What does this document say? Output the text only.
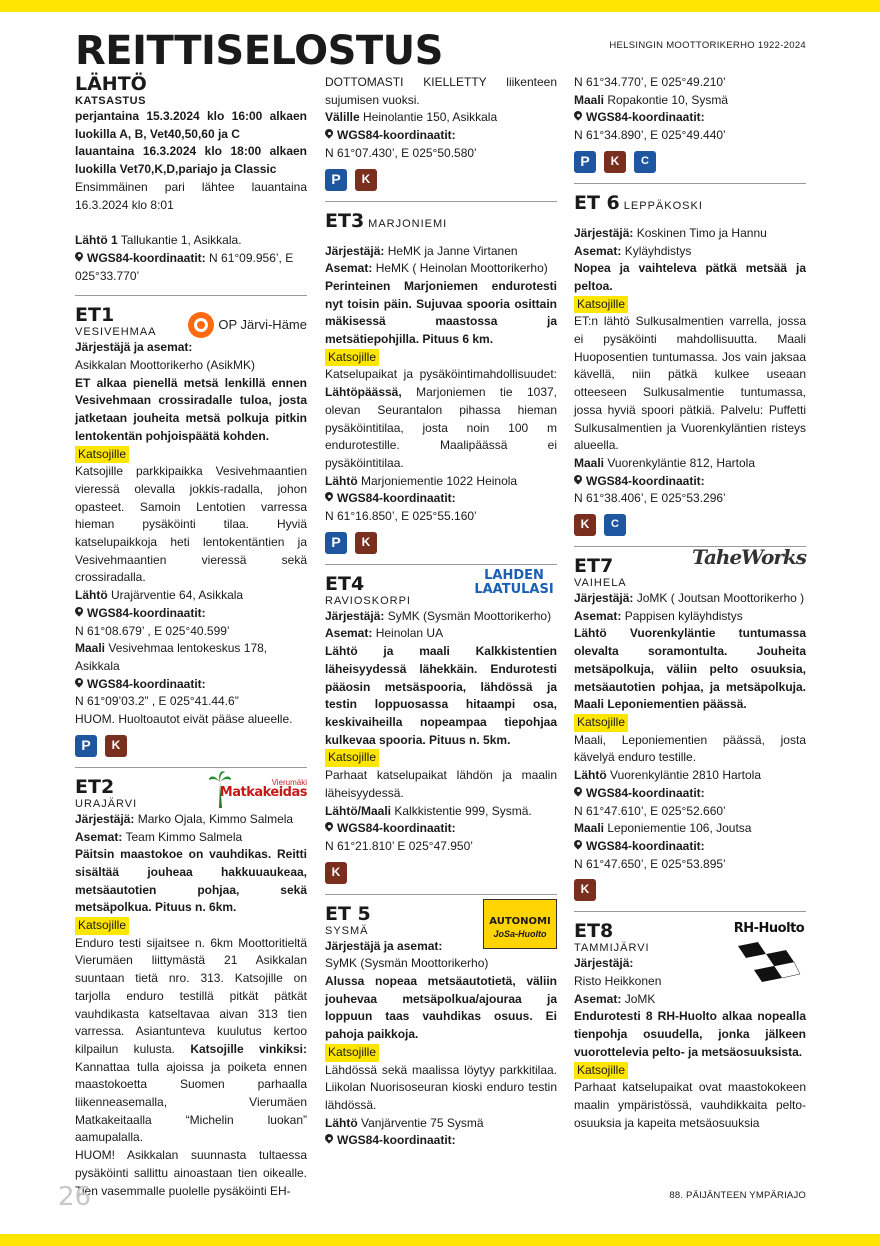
REITTISELOSTUS	HELSINGIN MOOTTORIKERHO 1922-2024
LÄHTÖ
KATSASTUS

perjantaina 15.3.2024 klo 16:00 alkaen luokilla A, B, Vet40,50,60 ja C

lauantaina 16.3.2024 klo 18:00 alkaen luokilla Vet70,K,D,pariajo ja Classic

Ensimmäinen pari lähtee lauantaina 16.3.2024 klo 8:01

Lähtö 1 Tallukantie 1, Asikkala.

WGS84-koordinaatit: N 61°09.956’, E 025°33.770’

ET1
VESIVEHMAA	OP Järvi-Häme

Järjestäjä ja asemat:

Asikkalan Moottorikerho (AsikMK)

ET alkaa pienellä metsä lenkillä ennen Vesivehmaan crossiradalle tuloa, josta jatketaan jouheita metsä polkuja pitkin lentokentän pohjoispäätä kohden.

Katsojille

Katsojille parkkipaikka Vesivehmaantien vieressä olevalla jokkis-radalla, johon opasteet. Samoin Lentotien varressa hieman pysäköinti tilaa. Hyviä katselupaikkoja heti lentokentäntien ja Vesivehmaantien vieressä sekä crossiradalla.

Lähtö Urajärventie 64, Asikkala

WGS84-koordinaatit:

N 61°08.679’ , E 025°40.599’

Maali Vesivehmaa lentokeskus 178, Asikkala

WGS84-koordinaatit:

N 61°09’03.2” , E 025°41.44.6”

HUOM. Huoltoautot eivät pääse alueelle.

P	K
ET2
URAJÄRVI
Vierumäki
Matkakeidas

Järjestäjä: Marko Ojala, Kimmo Salmela

Asemat: Team Kimmo Salmela

Päitsin maastokoe on vauhdikas. Reitti sisältää jouheaa hakkuuaukeaa, metsäautotien pohjaa, sekä metsäpolkua. Pituus n. 6km.

Katsojille

Enduro testi sijaitsee n. 6km Moottoritieltä Vierumäen liittymästä 21 Asikkalan suuntaan tietä nro. 313. Katsojille on tarjolla enduro testillä pitkät pätkät vauhdikasta katseltavaa aivan 313 tien varressa. Asiantunteva kuulutus kertoo kilpailun kulusta. Katsojille vinkiksi: Kannattaa tulla ajoissa ja poiketa ennen maastokoetta Suomen parhaalla liikenneasemalla, Vierumäen Matkakeitaalla “Michelin luokan” aamupalalla.

HUOM! Asikkalan suunnasta tultaessa pysäköinti sallittu ainoastaan tien oikealle. Tien vasemmalle puolelle pysäköinti EH-

DOTTOMASTI KIELLETTY liikenteen sujumisen vuoksi.

Välille Heinolantie 150, Asikkala

WGS84-koordinaatit:

N 61°07.430’, E 025°50.580’

P	K
ET3 MARJONIEMI

Järjestäjä: HeMK ja Janne Virtanen

Asemat: HeMK ( Heinolan Moottorikerho)

Perinteinen Marjoniemen endurotesti nyt toisin päin. Sujuvaa spooria osittain mäkisessä maastossa ja metsätiepohjilla. Pituus 6 km.

Katsojille

Katselupaikat ja pysäköintimahdollisuudet: Lähtöpäässä, Marjoniemen tie 1037, olevan Seurantalon pihassa hieman pysäköintitilaa, josta noin 100 m endurotestille. Maalipäässä ei pysäköintitilaa.

Lähtö Marjoniementie 1022 Heinola

WGS84-koordinaatit:

N 61°16.850’, E 025°55.160’

P	K
ET4
RAVIOSKORPI
LAHDEN
LAATULASI

Järjestäjä: SyMK (Sysmän Moottorikerho)

Asemat: Heinolan UA

Lähtö ja maali Kalkkistentien läheisyydessä lähekkäin. Endurotesti pääosin metsäspooria, lähdössä ja testin loppuosassa hitaampi osa, keskivaiheilla nopeampaa tiepohjaa kulkevaa spooria. Pituus n. 5km.

Katsojille

Parhaat katselupaikat lähdön ja maalin läheisyydessä.

Lähtö/Maali Kalkkistentie 999, Sysmä.

WGS84-koordinaatit:

N 61°21.810’ E 025°47.950’

K
ET 5
SYSMÄ
AUTONOMI
JoSa-Huolto

Järjestäjä ja asemat:

SyMK (Sysmän Moottorikerho)

Alussa nopeaa metsäautotietä, väliin jouhevaa metsäpolkua/ajouraa ja loppuun taas vauhdikas osuus. Ei pahoja paikkoja.

Katsojille

Lähdössä sekä maalissa löytyy parkkitilaa. Liikolan Nuorisoseuran kioski enduro testin lähdössä.

Lähtö Vanjärventie 75 Sysmä

WGS84-koordinaatit:

N 61°34.770’, E 025°49.210’

Maali Ropakontie 10, Sysmä

WGS84-koordinaatit:

N 61°34.890’, E 025°49.440’

P	K	C
ET 6 LEPPÄKOSKI

Järjestäjä: Koskinen Timo ja Hannu

Asemat: Kyläyhdistys

Nopea ja vaihteleva pätkä metsää ja peltoa.

Katsojille

ET:n lähtö Sulkusalmentien varrella, jossa ei pysäköinti mahdollisuutta. Maali Huoposentien tuntumassa. Jos vain jaksaa kävellä, niin pätkä kulkee useaan otteeseen Sulkusalmentie tuntumassa, jossa hyviä spoori pätkiä. Palvelu: Puffetti Sulkusalmentien ja Vuorenkyläntien risteys alueella.

Maali Vuorenkyläntie 812, Hartola

WGS84-koordinaatit:

N 61°38.406’, E 025°53.296’

K	C
ET7
VAIHELA
TaheWorks

Järjestäjä: JoMK ( Joutsan Moottorikerho )

Asemat: Pappisen kyläyhdistys

Lähtö Vuorenkyläntie tuntumassa olevalta soramontulta. Jouheita metsäpolkuja, väliin pelto osuuksia, metsäautotien pohjaa, ja metsäpolkuja. Maali Leponiementien päässä.

Katsojille

Maali, Leponiementien päässä, josta kävelyä enduro testille.

Lähtö Vuorenkyläntie 2810 Hartola

WGS84-koordinaatit:

N 61°47.610’, E 025°52.660’

Maali Leponiementie 106, Joutsa

WGS84-koordinaatit:

N 61°47.650’, E 025°53.895’

K
ET8
TAMMIJÄRVI
RH-Huolto

Järjestäjä:

Risto Heikkonen

Asemat: JoMK

Endurotesti 8 RH-Huolto alkaa nopealla tienpohja osuudella, jonka jälkeen vuorottelevia pelto- ja metsäosuuksista.

Katsojille

Parhaat katselupaikat ovat maastokokeen maalin ympäristössä, vauhdikkaita pelto-osuuksia ja kapeita metsäosuuksia

26	88. PÄIJÄNTEEN YMPÄRIAJO
